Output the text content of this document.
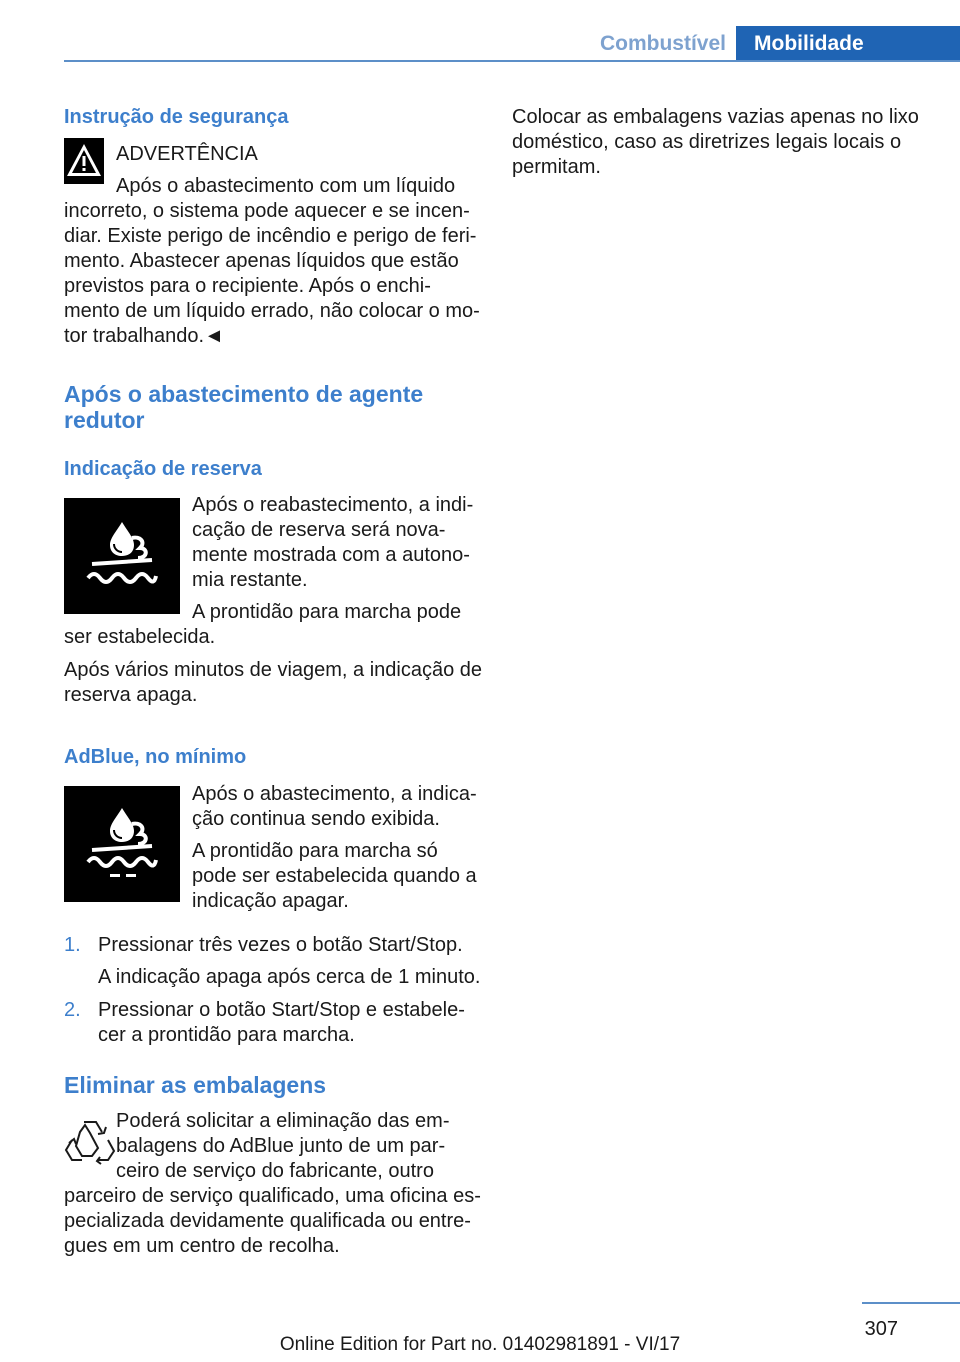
Combustível	Mobilidade
Instrução de segurança

ADVERTÊNCIA

Após o abastecimento com um líquido

incorreto, o sistema pode aquecer e se incen-

diar. Existe perigo de incêndio e perigo de feri-

mento. Abastecer apenas líquidos que estão

previstos para o recipiente. Após o enchi-

mento de um líquido errado, não colocar o mo-

tor trabalhando.◄

Após o abastecimento de agente
redutor
Indicação de reserva

Após o reabastecimento, a indi-

cação de reserva será nova-

mente mostrada com a autono-

mia restante.

A prontidão para marcha pode

ser estabelecida.

Após vários minutos de viagem, a indicação de

reserva apaga.

AdBlue, no mínimo

Após o abastecimento, a indica-

ção continua sendo exibida.

A prontidão para marcha só

pode ser estabelecida quando a

indicação apagar.

1. Pressionar três vezes o botão Start/Stop.
A indicação apaga após cerca de 1 minuto.
2. Pressionar o botão Start/Stop e estabele-
cer a prontidão para marcha.
Eliminar as embalagens

Poderá solicitar a eliminação das em-

balagens do AdBlue junto de um par-

ceiro de serviço do fabricante, outro

parceiro de serviço qualificado, uma oficina es-

pecializada devidamente qualificada ou entre-

gues em um centro de recolha.

Colocar as embalagens vazias apenas no lixo

doméstico, caso as diretrizes legais locais o

permitam.

307
Online Edition for Part no. 01402981891 - VI/17
